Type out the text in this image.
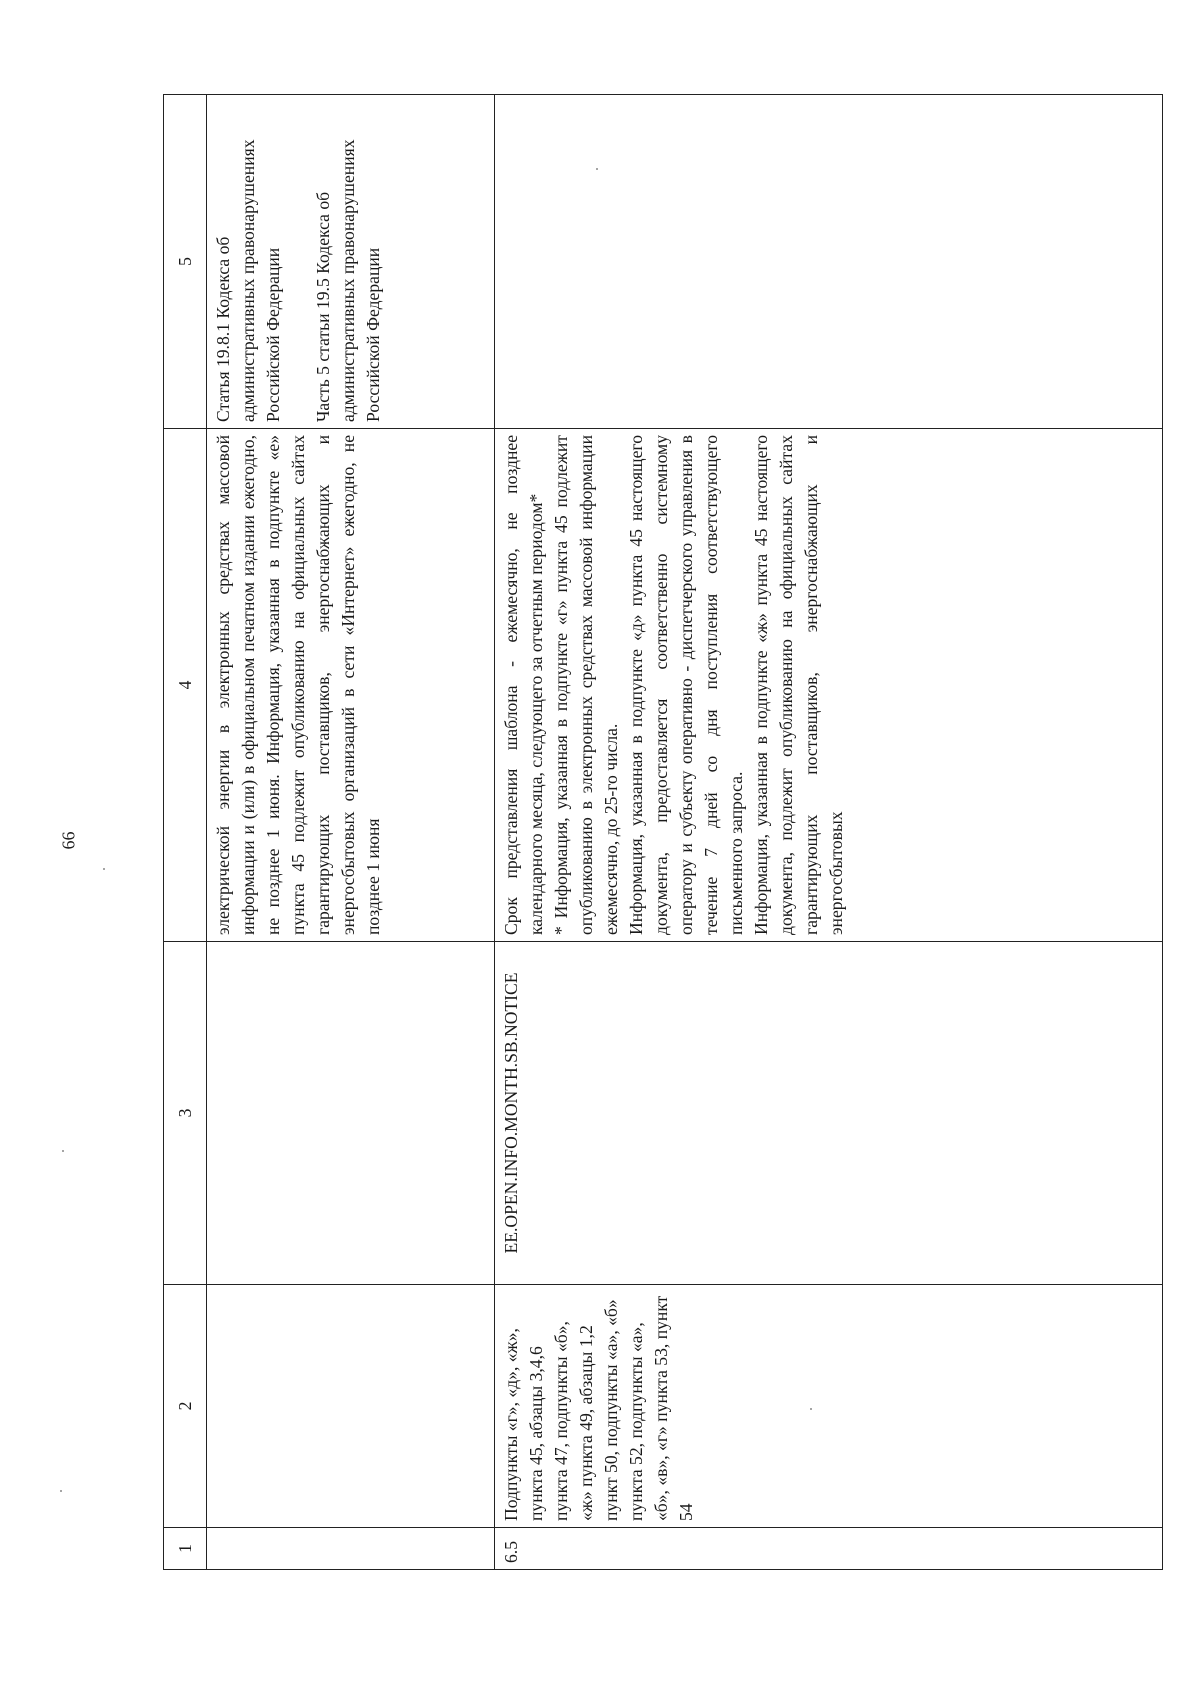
66
1	2	3	4	5
			электрической энергии в электронных средствах массовой информации и (или) в официальном печатном издании ежегодно, не позднее 1 июня. Информация, указанная в подпункте «е» пункта 45 подлежит опубликованию на официальных сайтах гарантирующих поставщиков, энергоснабжающих и энергосбытовых организаций в сети «Интернет» ежегодно, не позднее 1 июня	Статья 19.8.1 Кодекса об административных правонарушениях Российской Федерации Часть 5 статьи 19.5 Кодекса об административных правонарушениях Российской Федерации

6.5	Подпункты «г», «д», «ж», пункта 45, абзацы 3,4,6 пункта 47, подпункты «б», «ж» пункта 49, абзацы 1,2 пункт 50, подпункты «а», «б» пункта 52, подпункты «а», «б», «в», «г» пункта 53, пункт 54	EE.OPEN.INFO.MONTH.SB.NOTICE	Срок представления шаблона - ежемесячно, не позднее календарного месяца, следующего за отчетным периодом* * Информация, указанная в подпункте «г» пункта 45 подлежит опубликованию в электронных средствах массовой информации ежемесячно, до 25-го числа. Информация, указанная в подпункте «д» пункта 45 настоящего документа, предоставляется соответственно системному оператору и субъекту оперативно - диспетчерского управления в течение 7 дней со дня поступления соответствующего письменного запроса. Информация, указанная в подпункте «ж» пункта 45 настоящего документа, подлежит опубликованию на официальных сайтах гарантирующих поставщиков, энергоснабжающих и энергосбытовых	
